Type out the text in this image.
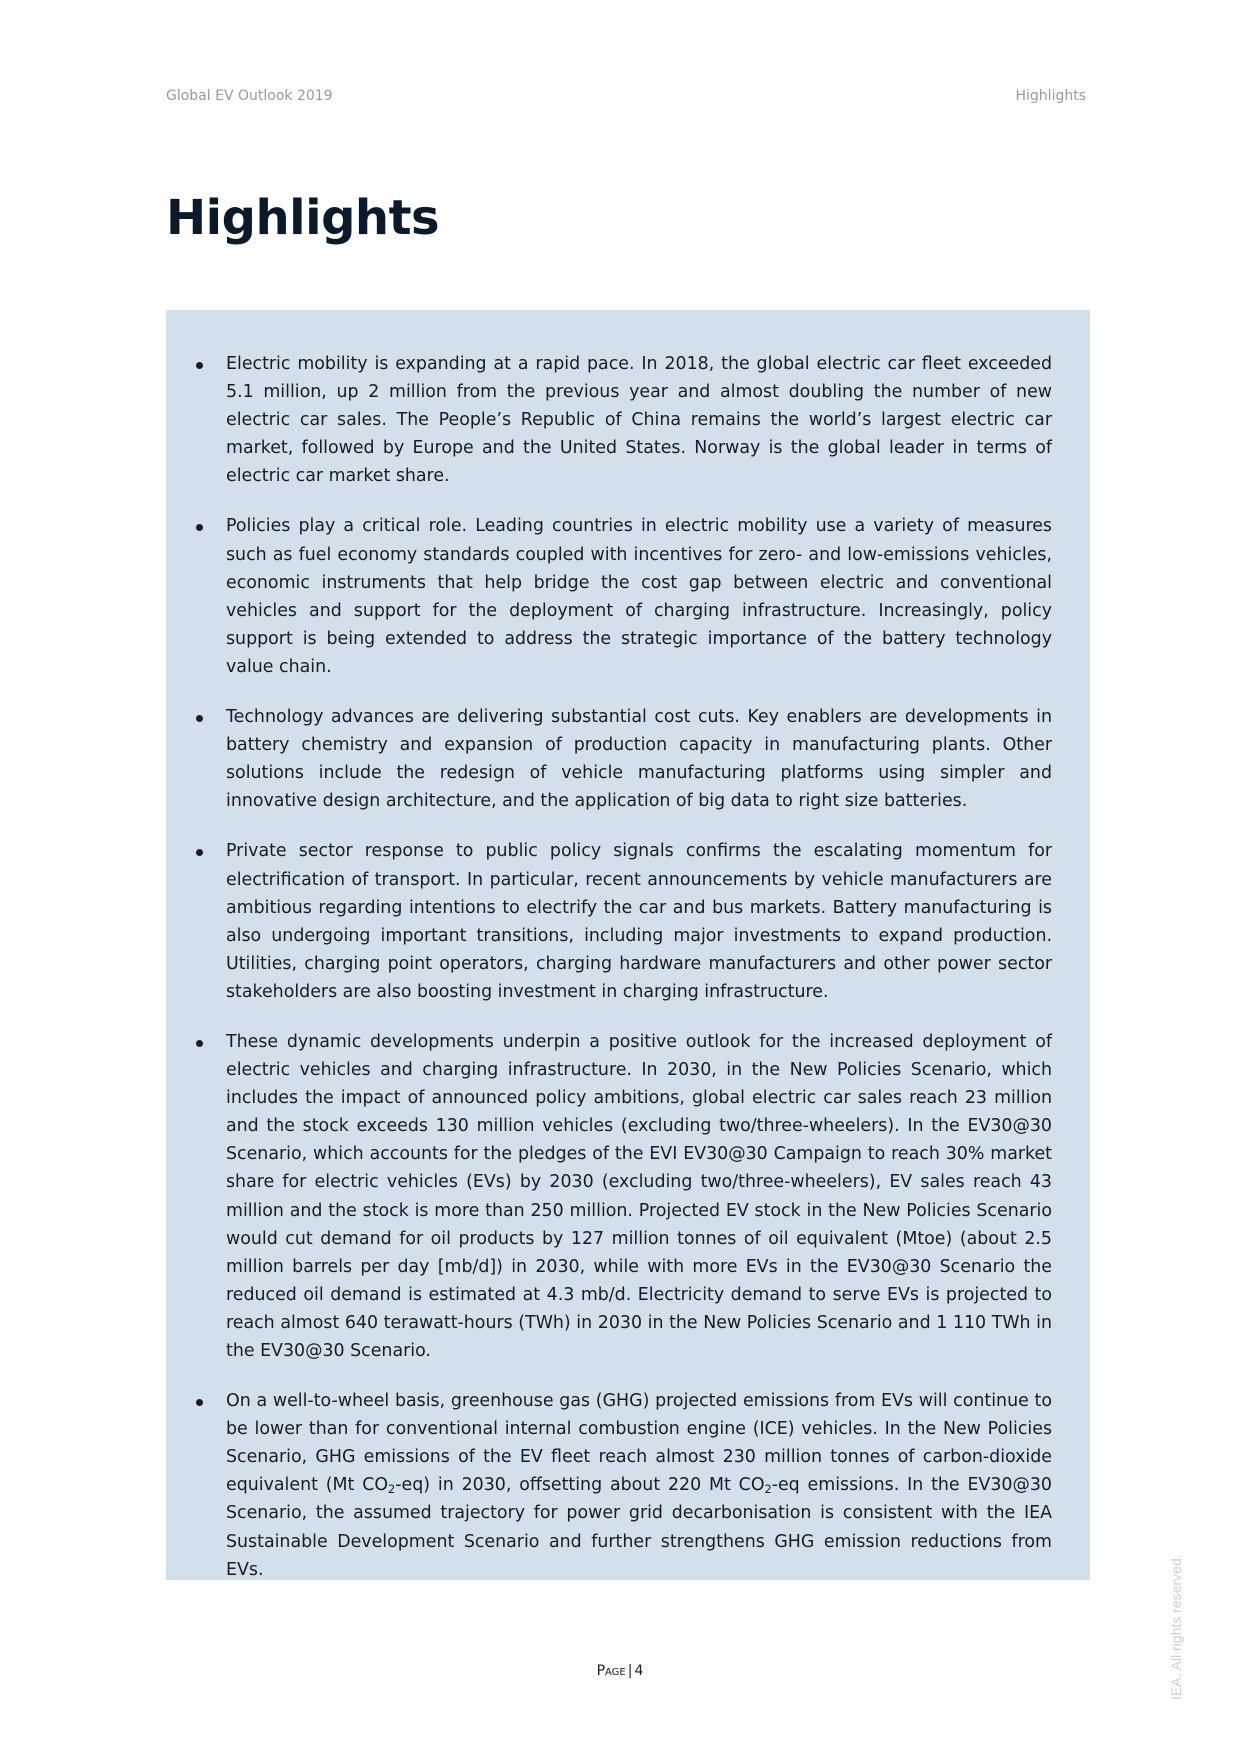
Global EV Outlook 2019	Highlights
Highlights
Electric mobility is expanding at a rapid pace. In 2018, the global electric car fleet exceeded 5.1 million, up 2 million from the previous year and almost doubling the number of new electric car sales. The People’s Republic of China remains the world’s largest electric car market, followed by Europe and the United States. Norway is the global leader in terms of electric car market share.
Policies play a critical role. Leading countries in electric mobility use a variety of measures such as fuel economy standards coupled with incentives for zero- and low-emissions vehicles, economic instruments that help bridge the cost gap between electric and conventional vehicles and support for the deployment of charging infrastructure. Increasingly, policy support is being extended to address the strategic importance of the battery technology value chain.
Technology advances are delivering substantial cost cuts. Key enablers are developments in battery chemistry and expansion of production capacity in manufacturing plants. Other solutions include the redesign of vehicle manufacturing platforms using simpler and innovative design architecture, and the application of big data to right size batteries.
Private sector response to public policy signals confirms the escalating momentum for electrification of transport. In particular, recent announcements by vehicle manufacturers are ambitious regarding intentions to electrify the car and bus markets. Battery manufacturing is also undergoing important transitions, including major investments to expand production. Utilities, charging point operators, charging hardware manufacturers and other power sector stakeholders are also boosting investment in charging infrastructure.
These dynamic developments underpin a positive outlook for the increased deployment of electric vehicles and charging infrastructure. In 2030, in the New Policies Scenario, which includes the impact of announced policy ambitions, global electric car sales reach 23 million and the stock exceeds 130 million vehicles (excluding two/three-wheelers). In the EV30@30 Scenario, which accounts for the pledges of the EVI EV30@30 Campaign to reach 30% market share for electric vehicles (EVs) by 2030 (excluding two/three-wheelers), EV sales reach 43 million and the stock is more than 250 million. Projected EV stock in the New Policies Scenario would cut demand for oil products by 127 million tonnes of oil equivalent (Mtoe) (about 2.5 million barrels per day [mb/d]) in 2030, while with more EVs in the EV30@30 Scenario the reduced oil demand is estimated at 4.3 mb/d. Electricity demand to serve EVs is projected to reach almost 640 terawatt-hours (TWh) in 2030 in the New Policies Scenario and 1 110 TWh in the EV30@30 Scenario.
On a well-to-wheel basis, greenhouse gas (GHG) projected emissions from EVs will continue to be lower than for conventional internal combustion engine (ICE) vehicles. In the New Policies Scenario, GHG emissions of the EV fleet reach almost 230 million tonnes of carbon-dioxide equivalent (Mt $CO_2-eq$) in 2030, offsetting about 220 Mt $CO_2-eq$ emissions. In the EV30@30 Scenario, the assumed trajectory for power grid decarbonisation is consistent with the IEA Sustainable Development Scenario and further strengthens GHG emission reductions from EVs.
Page | 4	IEA. All rights reserved.
